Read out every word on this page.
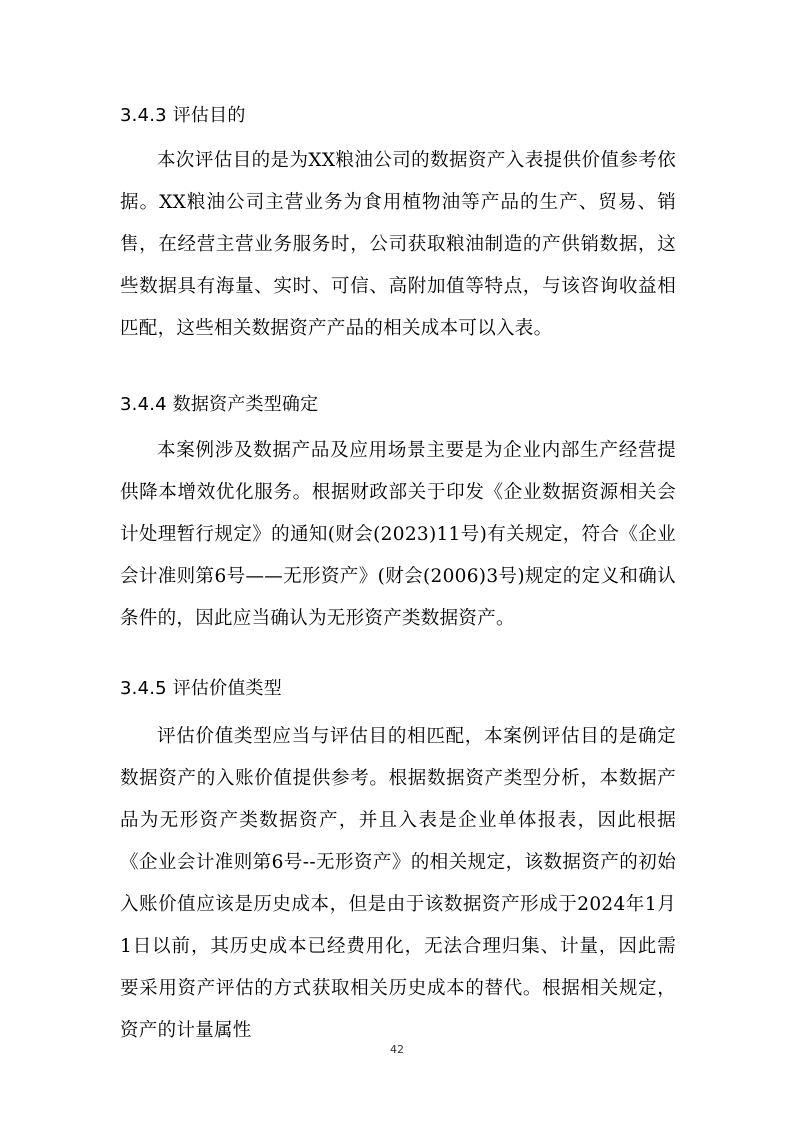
3.4.3 评估目的

本次评估目的是为XX粮油公司的数据资产入表提供价值参考依据。XX粮油公司主营业务为食用植物油等产品的生产、贸易、销售，在经营主营业务服务时，公司获取粮油制造的产供销数据，这些数据具有海量、实时、可信、高附加值等特点，与该咨询收益相匹配，这些相关数据资产产品的相关成本可以入表。

3.4.4 数据资产类型确定

本案例涉及数据产品及应用场景主要是为企业内部生产经营提供降本增效优化服务。根据财政部关于印发《企业数据资源相关会计处理暂行规定》的通知(财会(2023)11号)有关规定，符合《企业会计准则第6号——无形资产》(财会(2006)3号)规定的定义和确认条件的，因此应当确认为无形资产类数据资产。

3.4.5 评估价值类型

评估价值类型应当与评估目的相匹配，本案例评估目的是确定数据资产的入账价值提供参考。根据数据资产类型分析，本数据产品为无形资产类数据资产，并且入表是企业单体报表，因此根据《企业会计准则第6号--无形资产》的相关规定，该数据资产的初始入账价值应该是历史成本，但是由于该数据资产形成于2024年1月1日以前，其历史成本已经费用化，无法合理归集、计量，因此需要采用资产评估的方式获取相关历史成本的替代。根据相关规定，资产的计量属性

42
